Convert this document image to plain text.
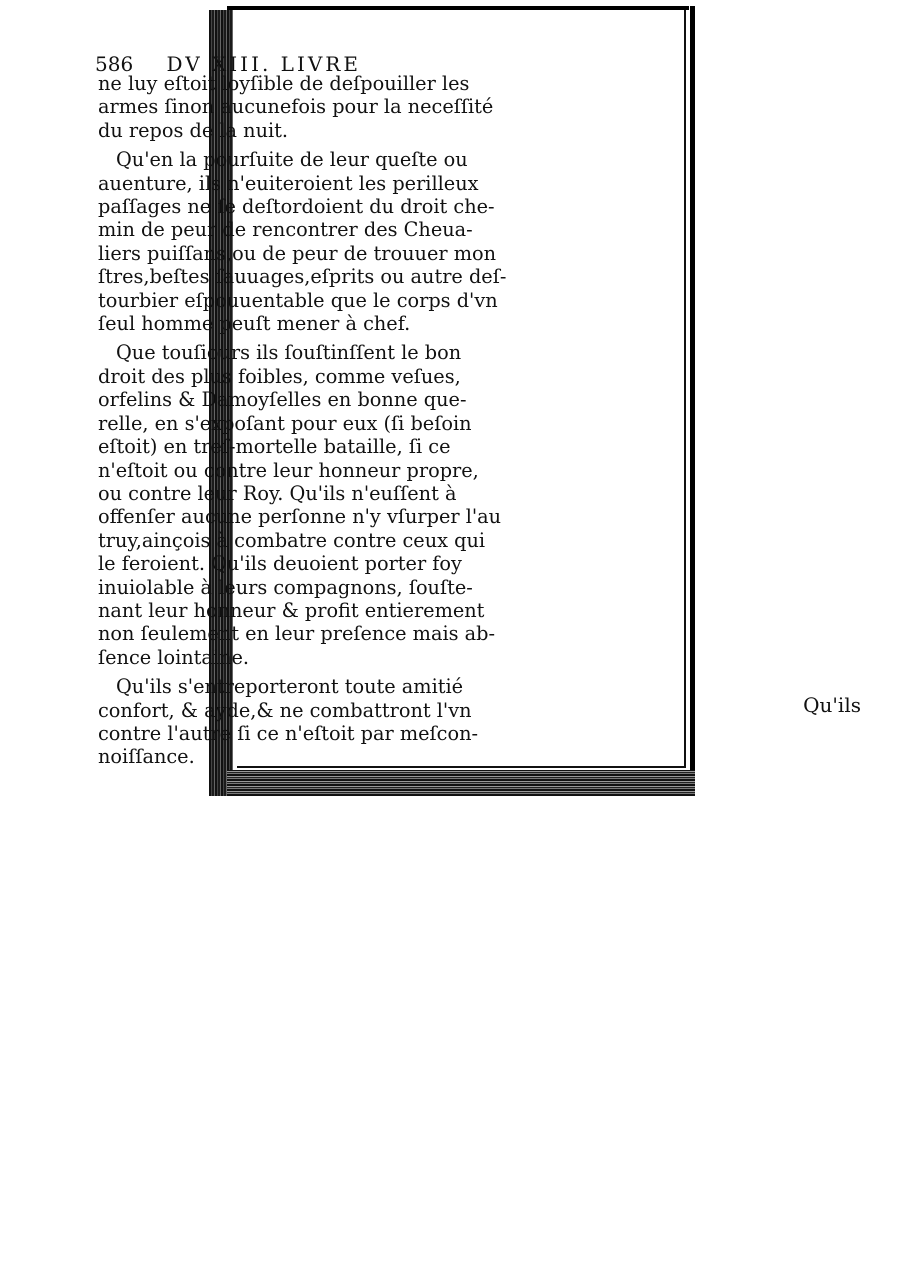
586 DV XIII. LIVRE
ne luy eſtoit loyſible de deſpouiller les
armes ſinon aucunefois pour la neceſſité
du repos de la nuit.
Qu'en la pourſuite de leur queſte ou
auenture, ils n'euiteroient les perilleux
paſſages ne ſe deſtordoient du droit che-
min de peur de rencontrer des Cheua-
liers puiſſans,ou de peur de trouuer mon
ſtres,beſtes ſauuages,eſprits ou autre deſ-
tourbier eſpouuentable que le corps d'vn
ſeul homme peuſt mener à chef.
Que touſiours ils ſouſtinſſent le bon
droit des plus foibles, comme veſues,
orfelins & Damoyſelles en bonne que-
relle, en s'expoſant pour eux (ſi beſoin
eſtoit) en treſ-mortelle bataille, ſi ce
n'eſtoit ou contre leur honneur propre,
ou contre leur Roy. Qu'ils n'euſſent à
offenſer aucune perſonne n'y vſurper l'au
truy,ainçois à combatre contre ceux qui
le feroient. Qu'ils deuoient porter foy
inuiolable à leurs compagnons, ſouſte-
nant leur honneur & profit entierement
non ſeulement en leur preſence mais ab-
ſence lointaine.
Qu'ils s'entreporteront toute amitié
confort, & ayde,& ne combattront l'vn
contre l'autre ſi ce n'eſtoit par meſcon-
noiſſance.
Qu'ils
